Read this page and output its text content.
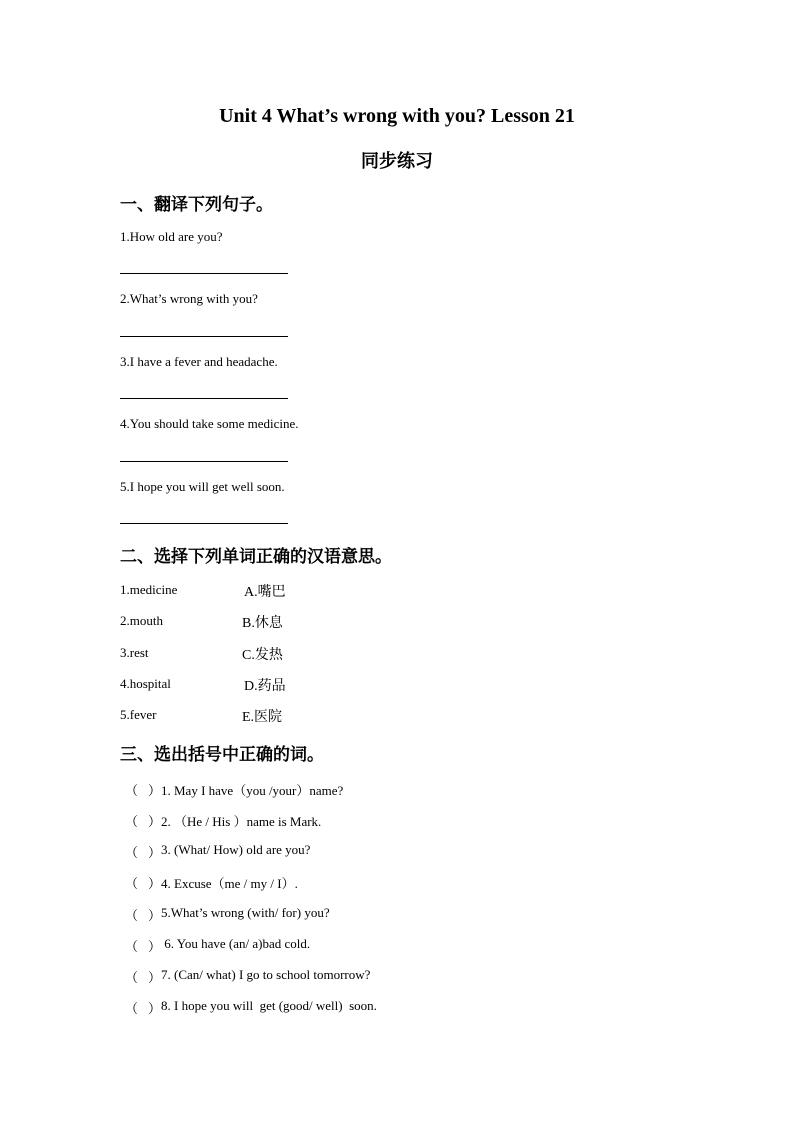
Unit 4 What’s wrong with you? Lesson 21
同步练习
一、翻译下列句子。
1.How old are you?
2.What’s wrong with you?
3.I have a fever and headache.
4.You should take some medicine.
5.I hope you will get well soon.
二、选择下列单词正确的汉语意思。
1.medicine	A.嘴巴
2.mouth	B.休息
3.rest	C.发热
4.hospital	D.药品
5.fever	E.医院
三、选出括号中正确的词。
（ ） 1. May I have（you /your）name?
（ ） 2. （He / His ）name is Mark.
（ ） 3. (What/ How) old are you?
（ ） 4. Excuse（me / my / I）.
（ ） 5.What’s wrong (with/ for) you?
（ ） 6. You have (an/ a)bad cold.
（ ） 7. (Can/ what) I go to school tomorrow?
（ ） 8. I hope you will  get (good/ well)  soon.
